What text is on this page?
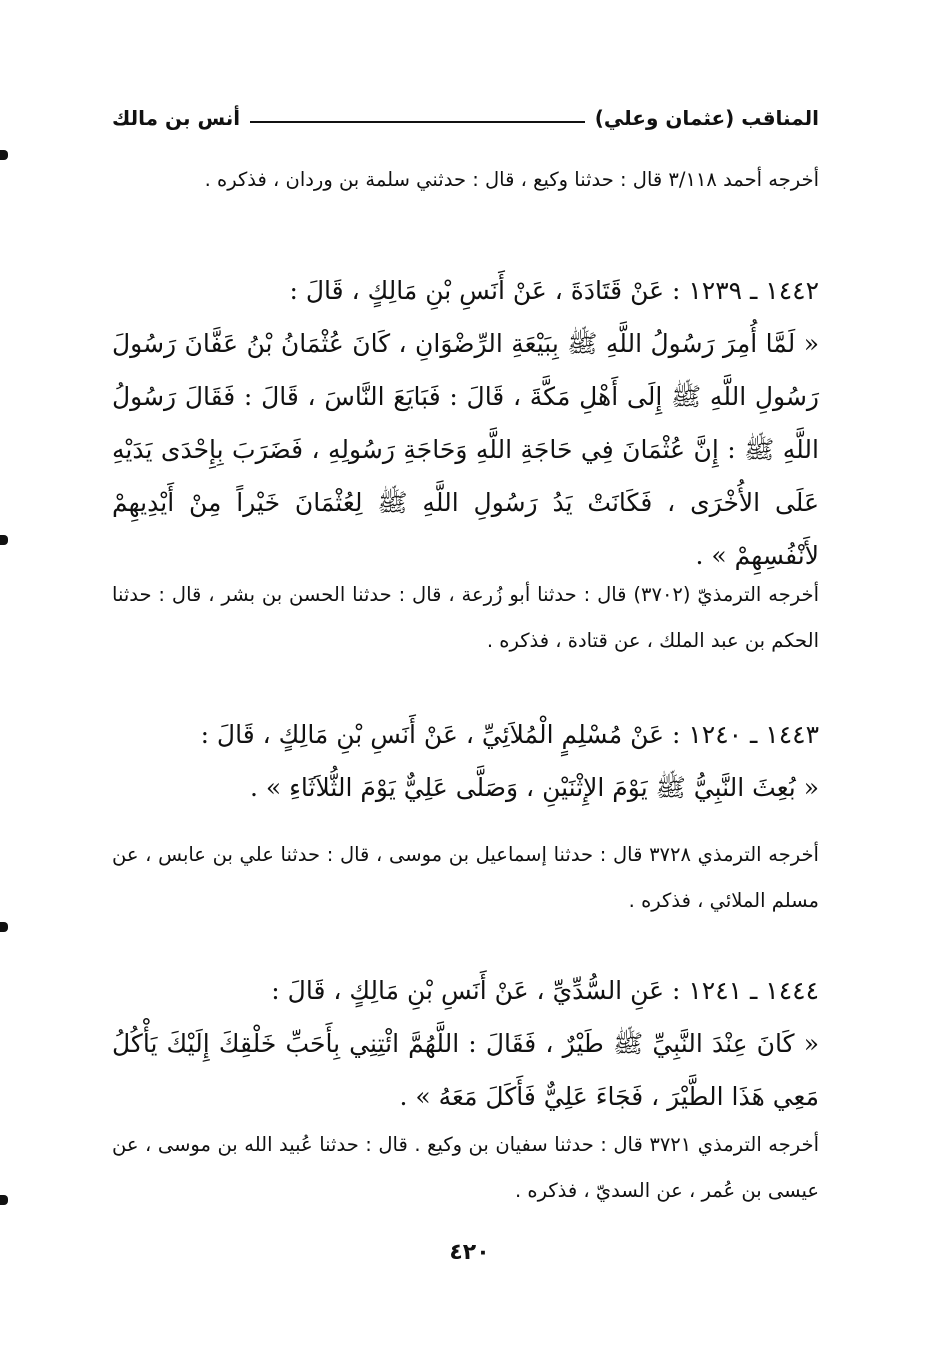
المناقب (عثمان وعلي)
أنس بن مالك

أخرجه أحمد ٣/١١٨ قال : حدثنا وكيع ، قال : حدثني سلمة بن وردان ، فذكره .

١٤٤٢ ـ ١٢٣٩ : عَنْ قَتَادَةَ ، عَنْ أَنَسِ بْنِ مَالِكٍ ، قَالَ :
« لَمَّا أُمِرَ رَسُولُ اللَّهِ ﷺ بِبَيْعَةِ الرِّضْوَانِ ، كَانَ عُثْمَانُ بْنُ عَفَّانَ رَسُولَ رَسُولِ اللَّهِ ﷺ إِلَى أَهْلِ مَكَّةَ ، قَالَ : فَبَايَعَ النَّاسَ ، قَالَ : فَقَالَ رَسُولُ اللَّهِ ﷺ : إِنَّ عُثْمَانَ فِي حَاجَةِ اللَّهِ وَحَاجَةِ رَسُولِهِ ، فَضَرَبَ بِإِحْدَى يَدَيْهِ عَلَى الأُخْرَى ، فَكَانَتْ يَدُ رَسُولِ اللَّهِ ﷺ لِعُثْمَانَ خَيْراً مِنْ أَيْدِيهِمْ لأَنْفُسِهِمْ » .

أخرجه الترمذيّ (٣٧٠٢) قال : حدثنا أبو زُرعة ، قال : حدثنا الحسن بن بشر ، قال : حدثنا الحكم بن عبد الملك ، عن قتادة ، فذكره .

١٤٤٣ ـ ١٢٤٠ : عَنْ مُسْلِمٍ الْمُلاَئِيِّ ، عَنْ أَنَسِ بْنِ مَالِكٍ ، قَالَ :
« بُعِثَ النَّبِيُّ ﷺ يَوْمَ الإِثْنَيْنِ ، وَصَلَّى عَلِيٌّ يَوْمَ الثُّلاَثَاءِ » .

أخرجه الترمذي ٣٧٢٨ قال : حدثنا إسماعيل بن موسى ، قال : حدثنا علي بن عابس ، عن مسلم الملائي ، فذكره .

١٤٤٤ ـ ١٢٤١ : عَنِ السُّدِّيِّ ، عَنْ أَنَسِ بْنِ مَالِكٍ ، قَالَ :
« كَانَ عِنْدَ النَّبِيِّ ﷺ طَيْرٌ ، فَقَالَ : اللَّهُمَّ ائْتِنِي بِأَحَبِّ خَلْقِكَ إِلَيْكَ يَأْكُلُ مَعِي هَذَا الطَّيْرَ ، فَجَاءَ عَلِيٌّ فَأَكَلَ مَعَهُ » .

أخرجه الترمذي ٣٧٢١ قال : حدثنا سفيان بن وكيع . قال : حدثنا عُبيد الله بن موسى ، عن عيسى بن عُمر ، عن السديّ ، فذكره .

٤٢٠
